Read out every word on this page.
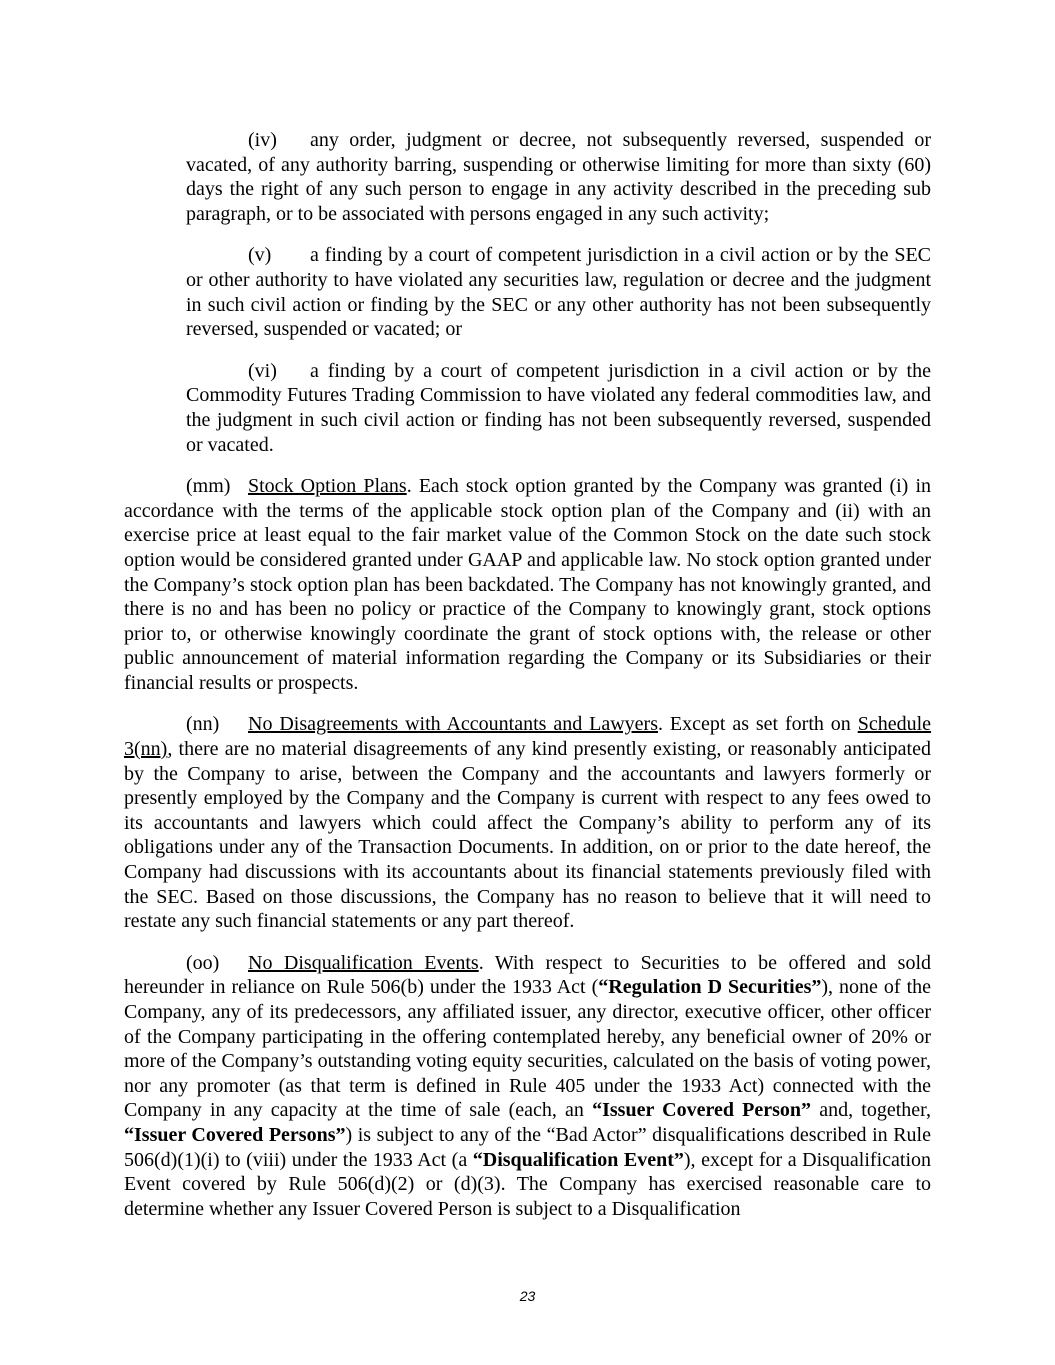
(iv) any order, judgment or decree, not subsequently reversed, suspended or vacated, of any authority barring, suspending or otherwise limiting for more than sixty (60) days the right of any such person to engage in any activity described in the preceding sub paragraph, or to be associated with persons engaged in any such activity;

(v) a finding by a court of competent jurisdiction in a civil action or by the SEC or other authority to have violated any securities law, regulation or decree and the judgment in such civil action or finding by the SEC or any other authority has not been subsequently reversed, suspended or vacated; or

(vi) a finding by a court of competent jurisdiction in a civil action or by the Commodity Futures Trading Commission to have violated any federal commodities law, and the judgment in such civil action or finding has not been subsequently reversed, suspended or vacated.

(mm) Stock Option Plans. Each stock option granted by the Company was granted (i) in accordance with the terms of the applicable stock option plan of the Company and (ii) with an exercise price at least equal to the fair market value of the Common Stock on the date such stock option would be considered granted under GAAP and applicable law. No stock option granted under the Company’s stock option plan has been backdated. The Company has not knowingly granted, and there is no and has been no policy or practice of the Company to knowingly grant, stock options prior to, or otherwise knowingly coordinate the grant of stock options with, the release or other public announcement of material information regarding the Company or its Subsidiaries or their financial results or prospects.

(nn) No Disagreements with Accountants and Lawyers. Except as set forth on Schedule 3(nn), there are no material disagreements of any kind presently existing, or reasonably anticipated by the Company to arise, between the Company and the accountants and lawyers formerly or presently employed by the Company and the Company is current with respect to any fees owed to its accountants and lawyers which could affect the Company’s ability to perform any of its obligations under any of the Transaction Documents. In addition, on or prior to the date hereof, the Company had discussions with its accountants about its financial statements previously filed with the SEC. Based on those discussions, the Company has no reason to believe that it will need to restate any such financial statements or any part thereof.

(oo) No Disqualification Events. With respect to Securities to be offered and sold hereunder in reliance on Rule 506(b) under the 1933 Act (“Regulation D Securities”), none of the Company, any of its predecessors, any affiliated issuer, any director, executive officer, other officer of the Company participating in the offering contemplated hereby, any beneficial owner of 20% or more of the Company’s outstanding voting equity securities, calculated on the basis of voting power, nor any promoter (as that term is defined in Rule 405 under the 1933 Act) connected with the Company in any capacity at the time of sale (each, an “Issuer Covered Person” and, together, “Issuer Covered Persons”) is subject to any of the “Bad Actor” disqualifications described in Rule 506(d)(1)(i) to (viii) under the 1933 Act (a “Disqualification Event”), except for a Disqualification Event covered by Rule 506(d)(2) or (d)(3). The Company has exercised reasonable care to determine whether any Issuer Covered Person is subject to a Disqualification

23
